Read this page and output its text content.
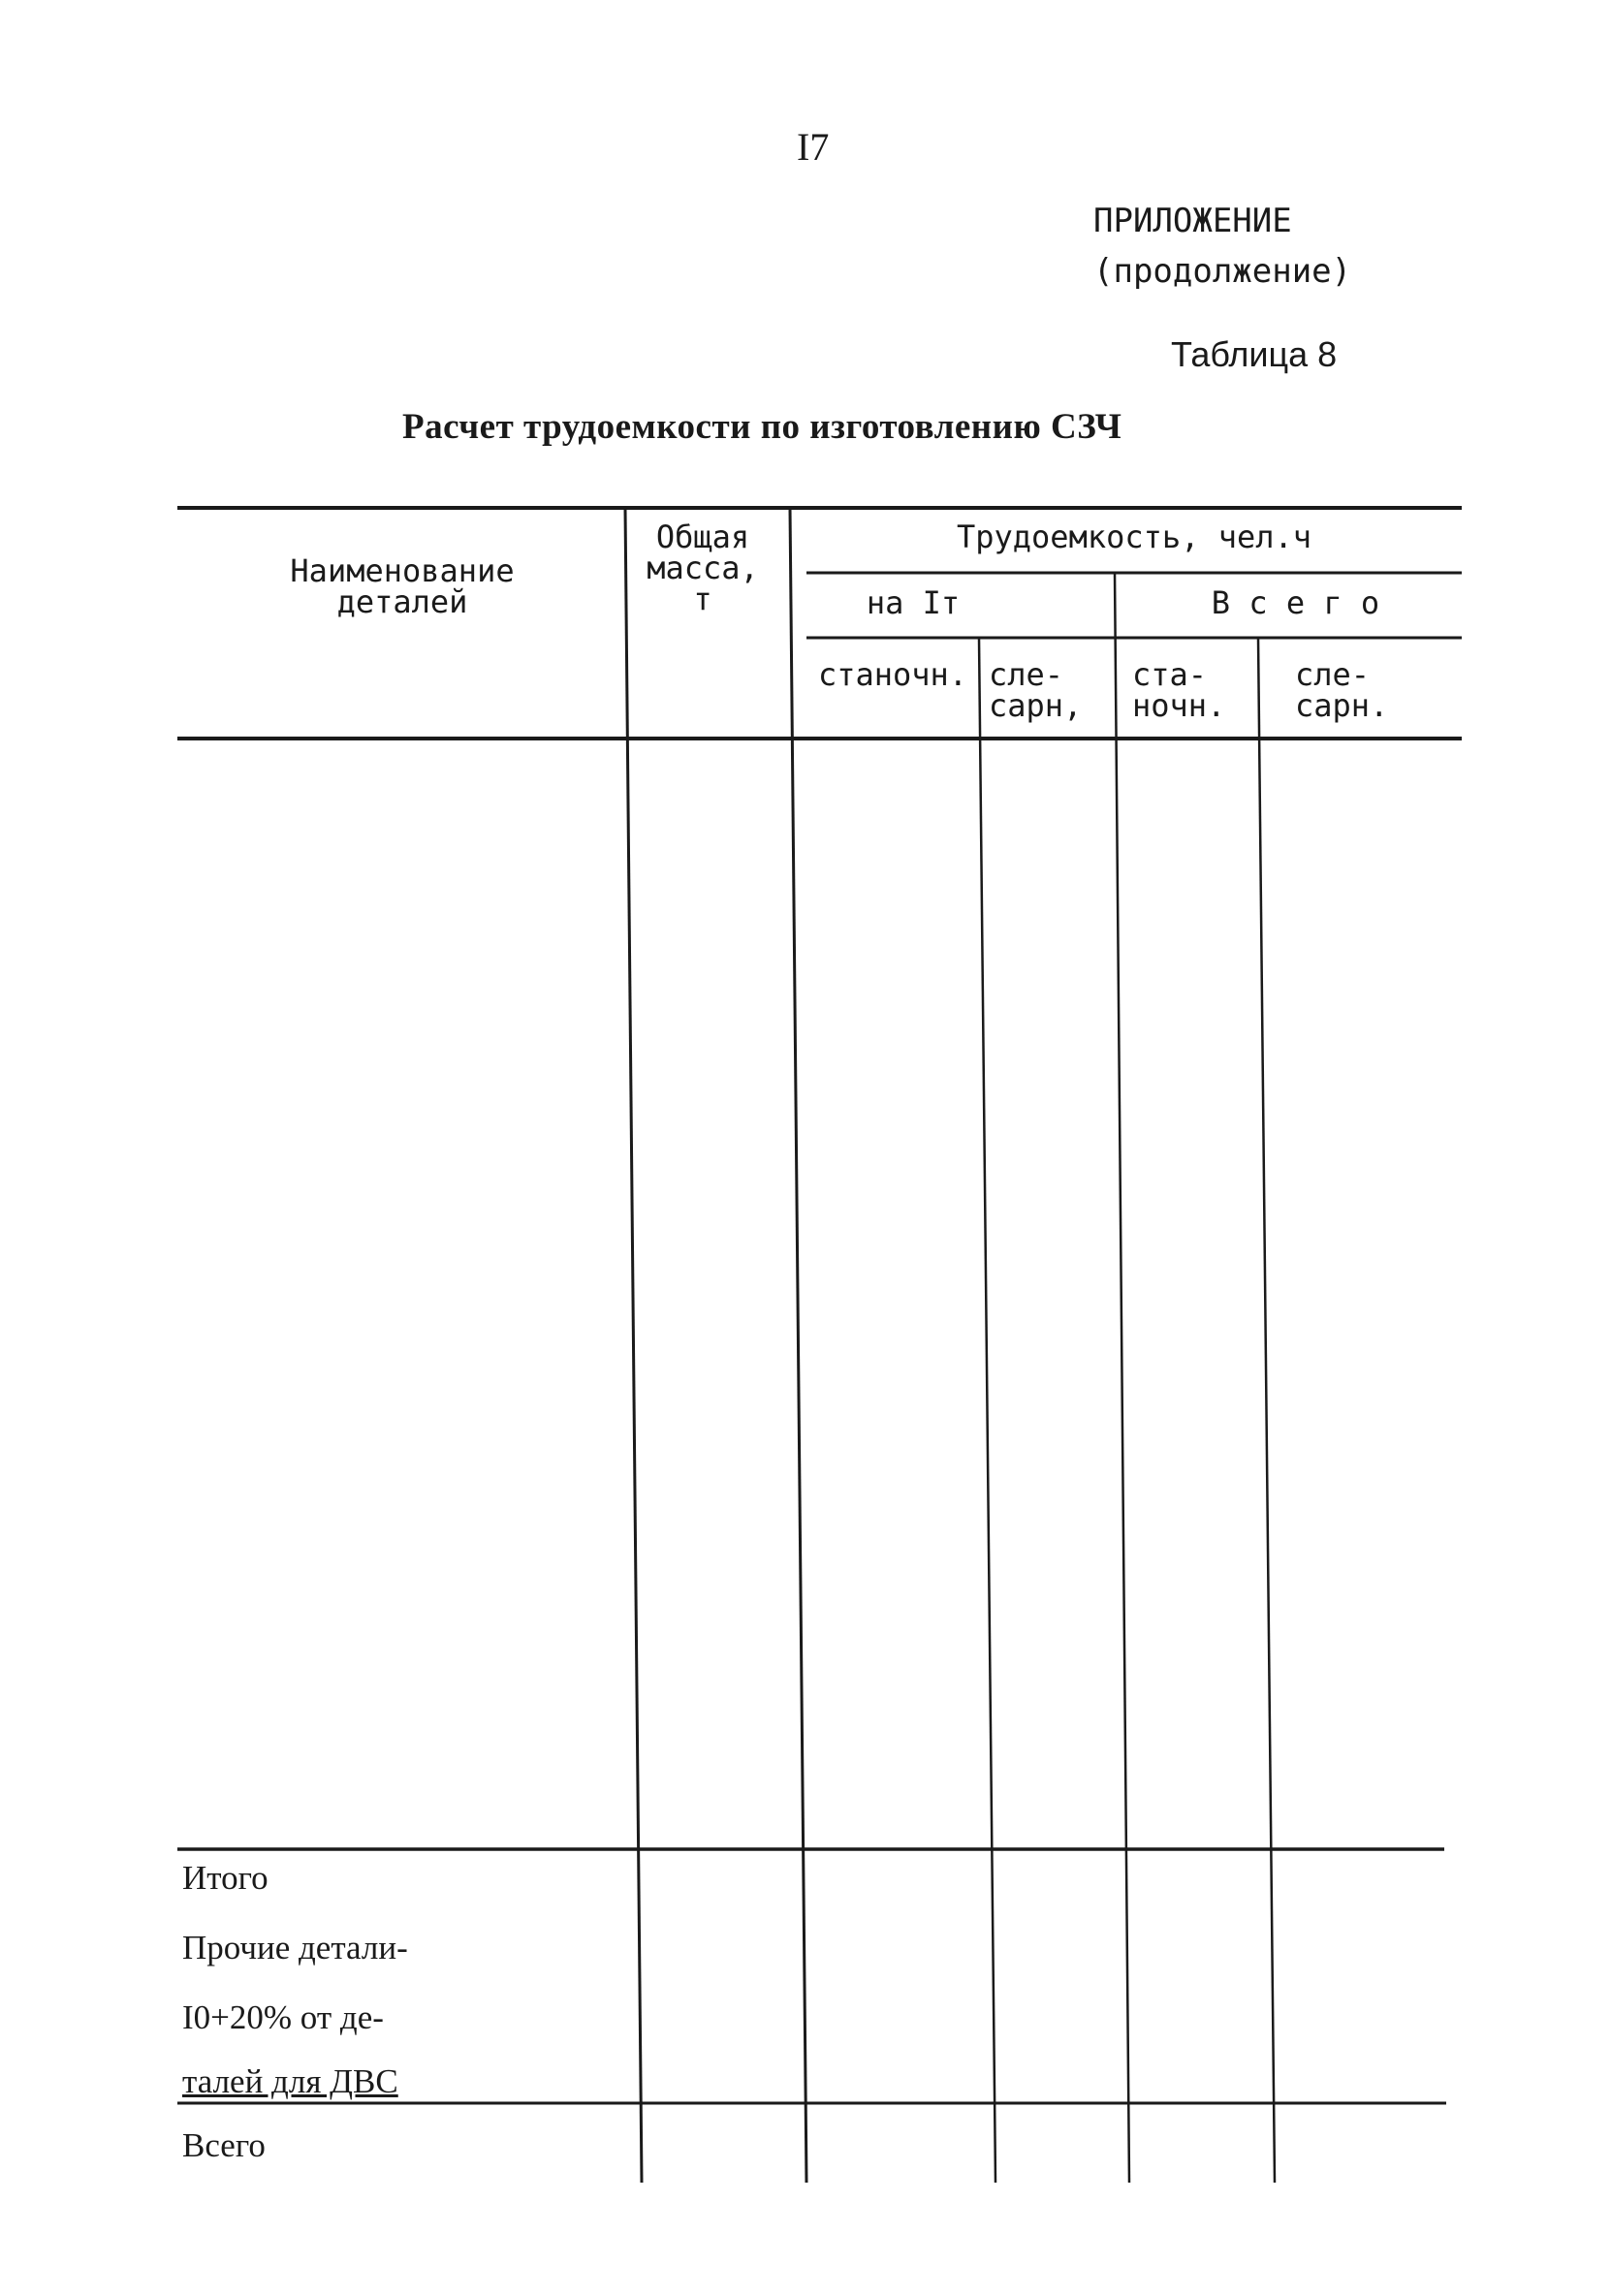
I7
ПРИЛОЖЕНИЕ
(продолжение)
Таблица 8
Расчет трудоемкости по изготовлению СЗЧ
Наименование
деталей
Общая
масса,
т
Трудоемкость, чел.ч
на Iт	В с е г о
станочн. сле-
сарн,
ста-
ночн.
сле-
сарн.
Итого
Прочие детали-
I0+20% от де-
талей для ДВС
Всего
